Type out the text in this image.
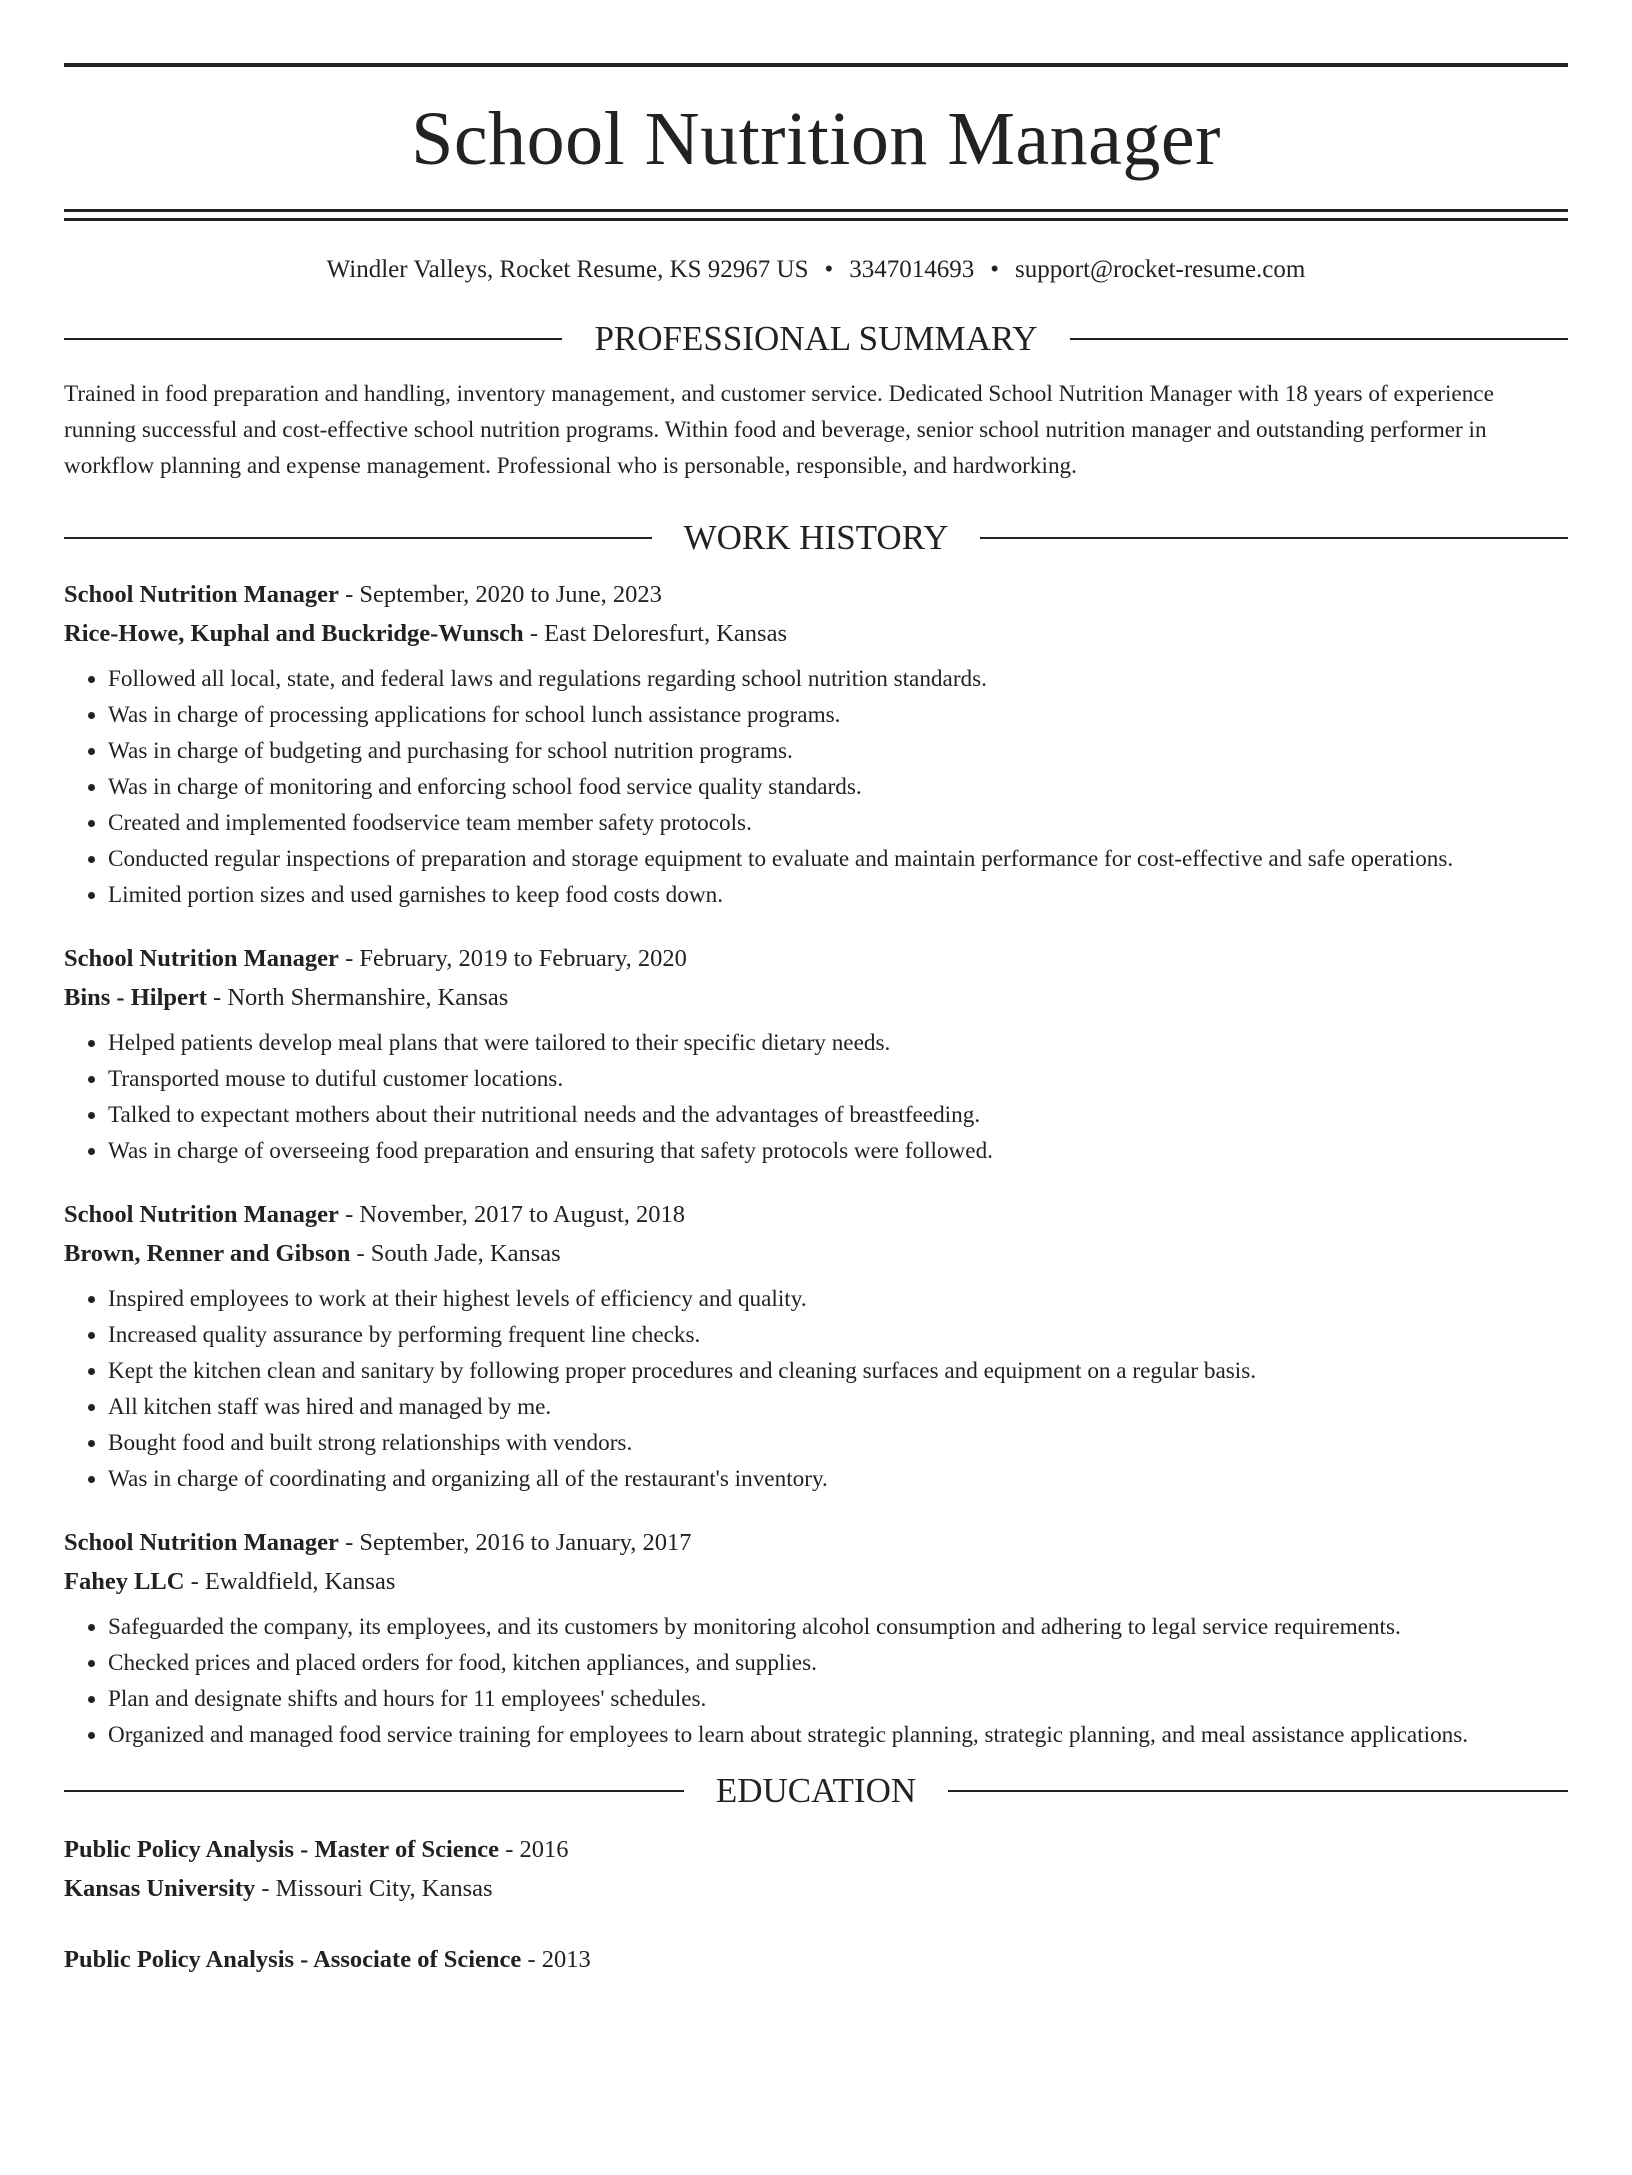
School Nutrition Manager
Windler Valleys, Rocket Resume, KS 92967 US • 3347014693 • support@rocket-resume.com
PROFESSIONAL SUMMARY

Trained in food preparation and handling, inventory management, and customer service. Dedicated School Nutrition Manager with 18 years of experience running successful and cost-effective school nutrition programs. Within food and beverage, senior school nutrition manager and outstanding performer in workflow planning and expense management. Professional who is personable, responsible, and hardworking.

WORK HISTORY
School Nutrition Manager - September, 2020 to June, 2023
Rice-Howe, Kuphal and Buckridge-Wunsch - East Deloresfurt, Kansas
• Followed all local, state, and federal laws and regulations regarding school nutrition standards.
• Was in charge of processing applications for school lunch assistance programs.
• Was in charge of budgeting and purchasing for school nutrition programs.
• Was in charge of monitoring and enforcing school food service quality standards.
• Created and implemented foodservice team member safety protocols.
• Conducted regular inspections of preparation and storage equipment to evaluate and maintain performance for cost-effective and safe operations.
• Limited portion sizes and used garnishes to keep food costs down.
School Nutrition Manager - February, 2019 to February, 2020
Bins - Hilpert - North Shermanshire, Kansas
• Helped patients develop meal plans that were tailored to their specific dietary needs.
• Transported mouse to dutiful customer locations.
• Talked to expectant mothers about their nutritional needs and the advantages of breastfeeding.
• Was in charge of overseeing food preparation and ensuring that safety protocols were followed.
School Nutrition Manager - November, 2017 to August, 2018
Brown, Renner and Gibson - South Jade, Kansas
• Inspired employees to work at their highest levels of efficiency and quality.
• Increased quality assurance by performing frequent line checks.
• Kept the kitchen clean and sanitary by following proper procedures and cleaning surfaces and equipment on a regular basis.
• All kitchen staff was hired and managed by me.
• Bought food and built strong relationships with vendors.
• Was in charge of coordinating and organizing all of the restaurant's inventory.
School Nutrition Manager - September, 2016 to January, 2017
Fahey LLC - Ewaldfield, Kansas
• Safeguarded the company, its employees, and its customers by monitoring alcohol consumption and adhering to legal service requirements.
• Checked prices and placed orders for food, kitchen appliances, and supplies.
• Plan and designate shifts and hours for 11 employees' schedules.
• Organized and managed food service training for employees to learn about strategic planning, strategic planning, and meal assistance applications.
EDUCATION
Public Policy Analysis - Master of Science - 2016
Kansas University - Missouri City, Kansas
Public Policy Analysis - Associate of Science - 2013
